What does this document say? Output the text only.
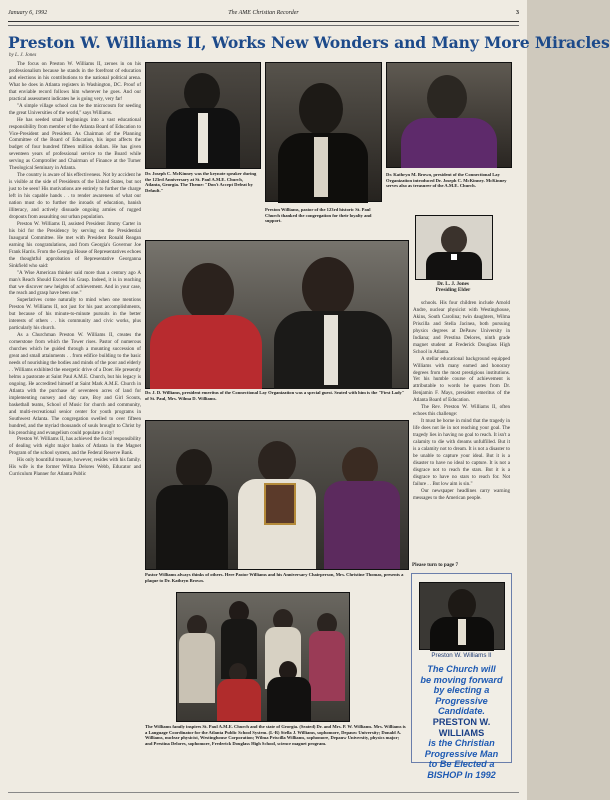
January 6, 1992	The AME Christian Recorder	3
Preston W. Williams II, Works New Wonders and Many More Miracles
by L. J. Jones

The focus on Preston W. Williams II, zeroes in on his professionalism because he stands in the forefront of education and elections in his contributions to the national political arena. What he does in Atlanta registers in Washington, DC. Proof of that enviable record follows him wherever he goes. And our practical assessment indicates he is going very, very far!

"A simple village school can be the microcosm for seeding the great Universities of the world," says Williams.

He has seeded small beginnings into a vast educational responsibility from member of the Atlanta Board of Education to Vice-President and President. As Chairman of the Planning Committee of the Board of Education, his input affects the budget of four hundred fifteen million dollars. He has given seventeen years of professional service to the Board while serving as Comptroller and Chairman of Finance at the Turner Theological Seminary in Atlanta.

The country is aware of his effectiveness. Not by accident he is visible at the side of Presidents of the United States, but not just to be seen! His motivations are entirely to further the charge left in his capable hands . . to render awareness of what our nation must do to further the inroads of education, banish illiteracy, and actively dissuade ongoing armies of rugged dropouts from assaulting our urban population.

Preston W. Williams II, assisted President Jimmy Carter in his bid for the Presidency by serving on the Presidential Inaugural Committee. He met with President Ronald Reagan earning his congratulations, and from Georgia's Governor Joe Frank Harris. From the Georgia House of Representatives echoes the thoughtful approbation of Representative Georganna Sinkfield who said:

"A Wise American thinker said more than a century ago A man's Reach Should Exceed his Grasp. Indeed, it is in reaching that we discover new heights of achievement. And in your case, the reach and grasp have been one."

Superlatives come naturally to mind when one mentions Preston W. Williams II, not just for his past accomplishments, but because of his minute-to-minute pursuits in the better interests of others . . his community and civic works, plus particularly his church.

As a Churchman Preston W. Williams II, creates the cornerstone from which the Tower rises. Pastor of numerous churches which he guided through a mounting succession of great and small attainments . . from edifice building to the basic needs of nourishing the bodies and minds of the poor and elderly . . Williams exhibited the energetic drive of a Doer. He presently helms a pastorate at Saint Paul A.M.E. Church, but his legacy is ongoing. He accredited himself at Saint Mark A.M.E. Church in Atlanta with the purchase of seventeen acres of land for implementing nursery and day care, Boy and Girl Scouts, basketball teams, School of Music for church and community, and multi-recreational senior center for youth programs in Southwest Atlanta. The congregation swelled to over fifteen hundred, and the myriad thousands of souls brought to Christ by his preaching and evangelism could populate a city!

Preston W. Williams II, has achieved the fiscal responsibility of dealing with eight major banks of Atlanta in the Magnet Program of the school system, and the Federal Reserve Bank.

His only bountiful treasure, however, resides with his family. His wife is the former Wilma Delores Webb, Educator and Curriculum Planner for Atlanta Public

Dr. Joseph C. McKinney was the keynote speaker during the 123rd Anniversary at St. Paul A.M.E. Church, Atlanta, Georgia. The Theme: "Don't Accept Defeat by Default."
Preston Williams, pastor of the 123rd historic St. Paul Church thanked the congregation for their loyalty and support.
Dr. Kathryn M. Brown, president of the Connectional Lay Organization introduced Dr. Joseph C. McKinney. McKinney serves also as treasurer of the A.M.E. Church.
Dr. L. J. Jones
Presiding Elder
Dr. J. D. Williams, president emeritus of the Connectional Lay Organization was a special guest. Seated with him is the "First Lady" of St. Paul, Mrs. Wilma D. Williams.

schools. His four children include Arnold Andre, nuclear physicist with Westinghouse, Akins, South Carolina; twin daughters, Wilma Priscilla and Stella Jacinea, both pursuing physics degrees at DePauw University in Indiana; and Prestina Delores, ninth grade magnet student at Frederick Douglass High School in Atlanta.

A stellar educational background equipped Williams with many earned and honorary degrees from the most prestigious institutions. Yet his humble course of achievement is attributable to words he quotes from Dr. Benjamin F. Mays, president emeritus of the Atlanta Board of Education.

The Rev. Preston W. Williams II, often echoes this challenge:

It must be borne in mind that the tragedy in life does not lie in not reaching your goal. The tragedy lies in having no goal to reach. It isn't a calamity to die with dreams unfulfilled. But it is a calamity not to dream. It is not a disaster to be unable to capture your ideal. But it is a disaster to have no ideal to capture. It is not a disgrace not to reach the stars. But it is a disgrace to have no stars to reach for. Not failure . . But low aim is sin."

Our newspaper headlines carry warning messages to the American people.

Please turn to page 7
Pastor Williams always thinks of others. Here Pastor Williams and his Anniversary Chairperson, Mrs. Christine Thomas, presents a plaque to Dr. Kathryn Brown.
The Williams family inspires St. Paul A.M.E. Church and the state of Georgia. (Seated) Dr. and Mrs. P. W. Williams. Mrs. Williams is a Language Coordinator for the Atlanta Public School System. (L-R) Stella J. Williams, sophomore, Depauw University; Donald A. Williams, nuclear physicist, Westinghouse Corporation; Wilma Priscilla Williams, sophomore, Depauw University, physics major; and Prestina Delores, sophomore, Frederick Douglass High School, science magnet program.
Preston W. Williams II
The Church will
be moving forward
by electing a
Progressive
Candidate.
PRESTON W. WILLIAMS
is the Christian
Progressive Man
to Be Elected a
BISHOP In 1992
